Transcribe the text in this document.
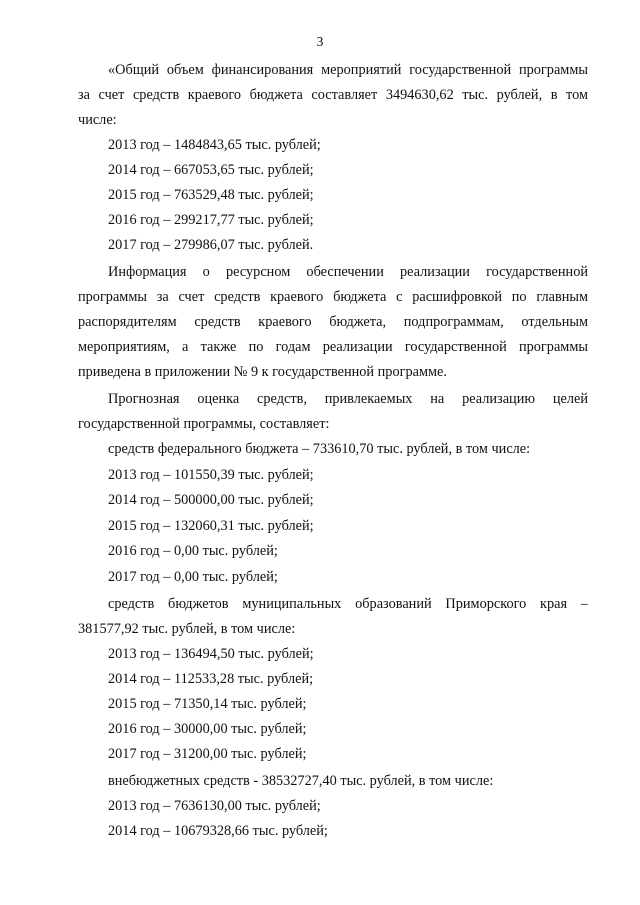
3
«Общий объем финансирования мероприятий государственной программы
за счет средств краевого бюджета составляет 3494630,62 тыс. рублей, в том
числе:
2013 год – 1484843,65 тыс. рублей;
2014 год – 667053,65 тыс. рублей;
2015 год – 763529,48 тыс. рублей;
2016 год – 299217,77 тыс. рублей;
2017 год – 279986,07 тыс. рублей.
Информация о ресурсном обеспечении реализации государственной
программы за счет средств краевого бюджета с расшифровкой по главным
распорядителям средств краевого бюджета, подпрограммам, отдельным
мероприятиям, а также по годам реализации государственной программы
приведена в приложении № 9 к государственной программе.
Прогнозная оценка средств, привлекаемых на реализацию целей
государственной программы, составляет:
средств федерального бюджета – 733610,70 тыс. рублей, в том числе:
2013 год – 101550,39 тыс. рублей;
2014 год – 500000,00 тыс. рублей;
2015 год – 132060,31 тыс. рублей;
2016 год – 0,00 тыс. рублей;
2017 год – 0,00 тыс. рублей;
средств бюджетов муниципальных образований Приморского края –
381577,92 тыс. рублей, в том числе:
2013 год – 136494,50 тыс. рублей;
2014 год – 112533,28 тыс. рублей;
2015 год – 71350,14 тыс. рублей;
2016 год – 30000,00 тыс. рублей;
2017 год – 31200,00 тыс. рублей;
внебюджетных средств - 38532727,40 тыс. рублей, в том числе:
2013 год – 7636130,00 тыс. рублей;
2014 год – 10679328,66 тыс. рублей;
